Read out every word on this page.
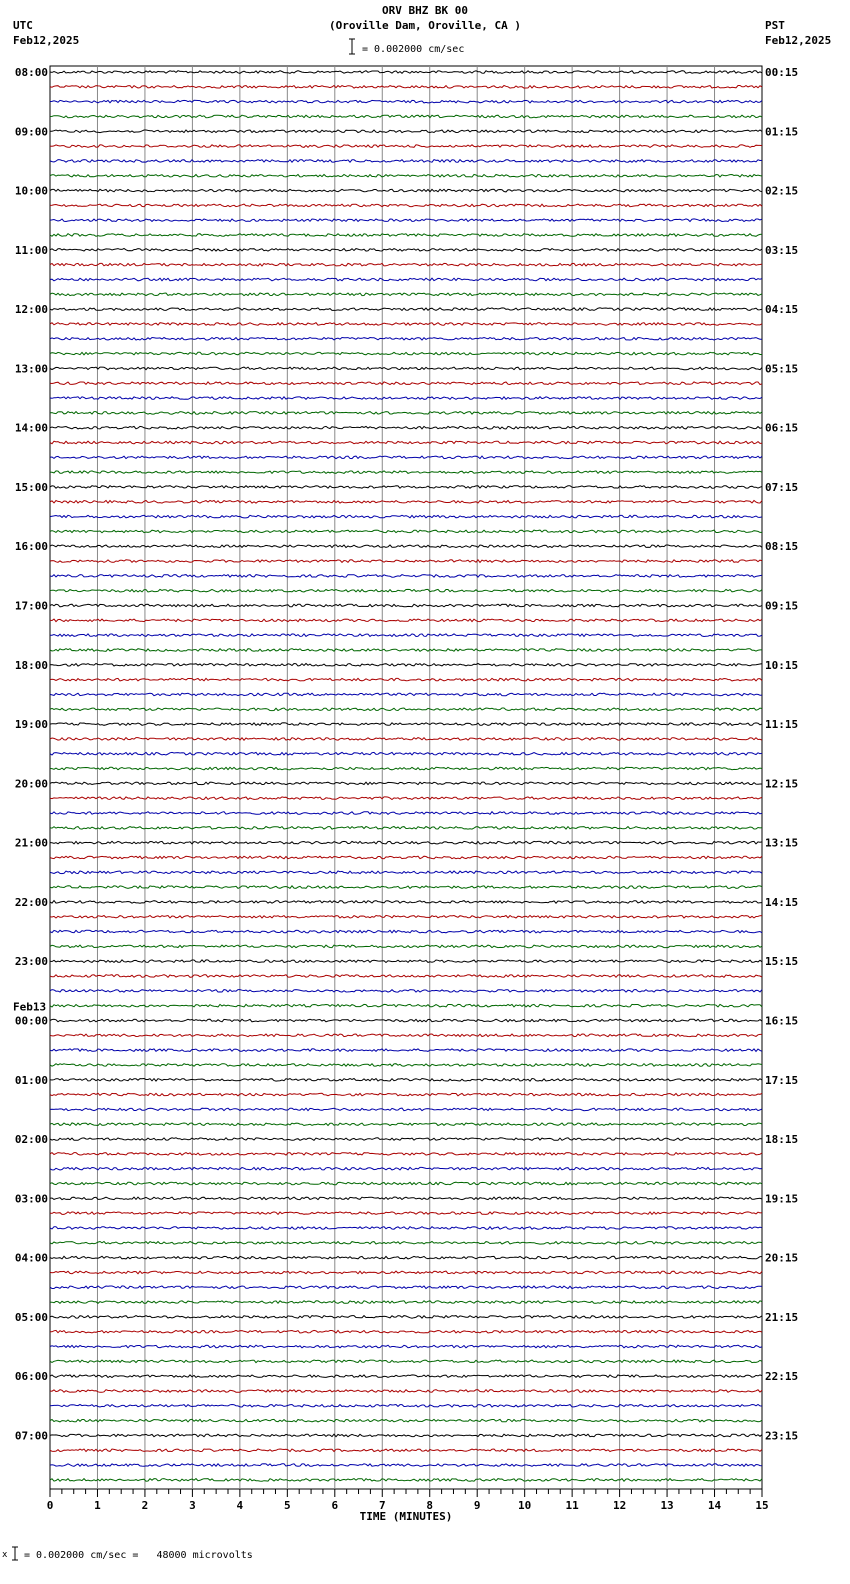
ORV BHZ BK 00
(Oroville Dam, Oroville, CA )
UTC
Feb12,2025
PST
Feb12,2025
= 0.002000 cm/sec
08:00
09:00
10:00
11:00
12:00
13:00
14:00
15:00
16:00
17:00
18:00
19:00
20:00
21:00
22:00
23:00
00:00
Feb13
01:00
02:00
03:00
04:00
05:00
06:00
07:00
00:15
01:15
02:15
03:15
04:15
05:15
06:15
07:15
08:15
09:15
10:15
11:15
12:15
13:15
14:15
15:15
16:15
17:15
18:15
19:15
20:15
21:15
22:15
23:15
0	1	2	3	4	5	6	7	8	9	10	11	12	13	14	15
TIME (MINUTES)
x = 0.002000 cm/sec =   48000 microvolts
